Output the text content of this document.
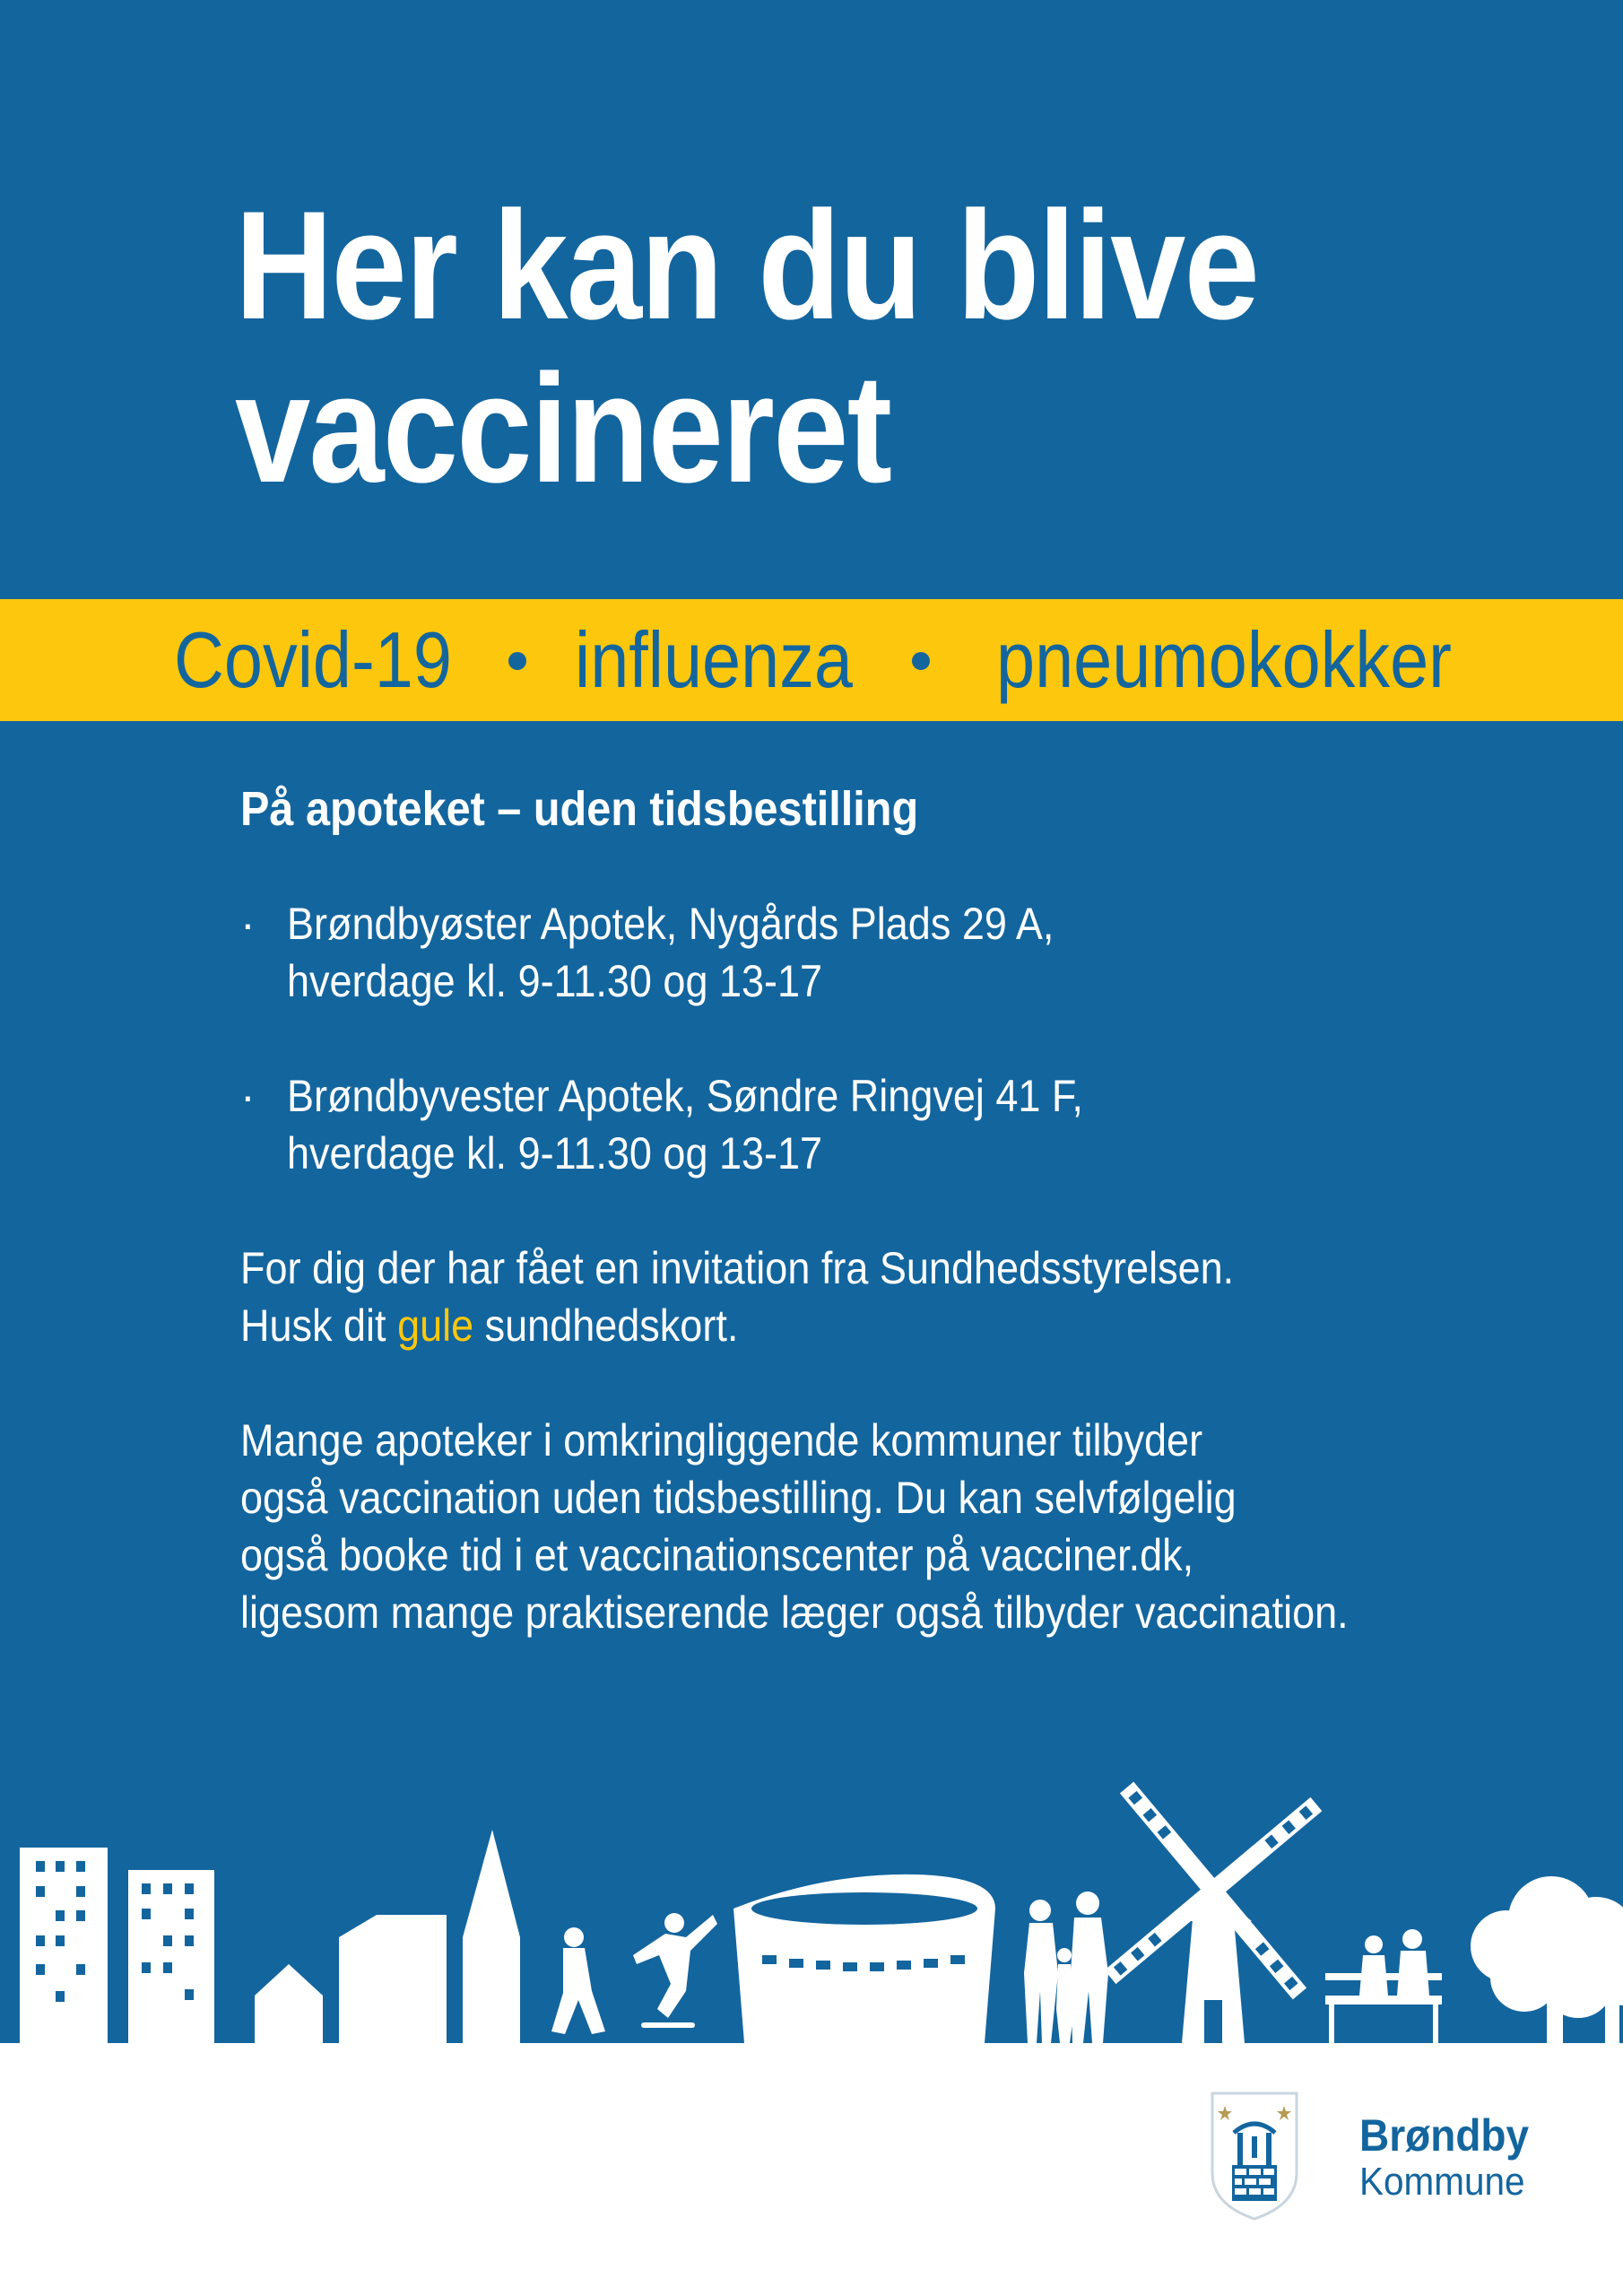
Her kan du blive
vaccineret
Covid-19 influenza pneumokokker
På apoteket – uden tidsbestilling
· Brøndbyøster Apotek, Nygårds Plads 29 A,
hverdage kl. 9-11.30 og 13-17
· Brøndbyvester Apotek, Søndre Ringvej 41 F,
hverdage kl. 9-11.30 og 13-17
For dig der har fået en invitation fra Sundhedsstyrelsen.
Husk dit gule sundhedskort.
Mange apoteker i omkringliggende kommuner tilbyder
også vaccination uden tidsbestilling. Du kan selvfølgelig
også booke tid i et vaccinationscenter på vacciner.dk,
ligesom mange praktiserende læger også tilbyder vaccination.
Brøndby
Kommune
